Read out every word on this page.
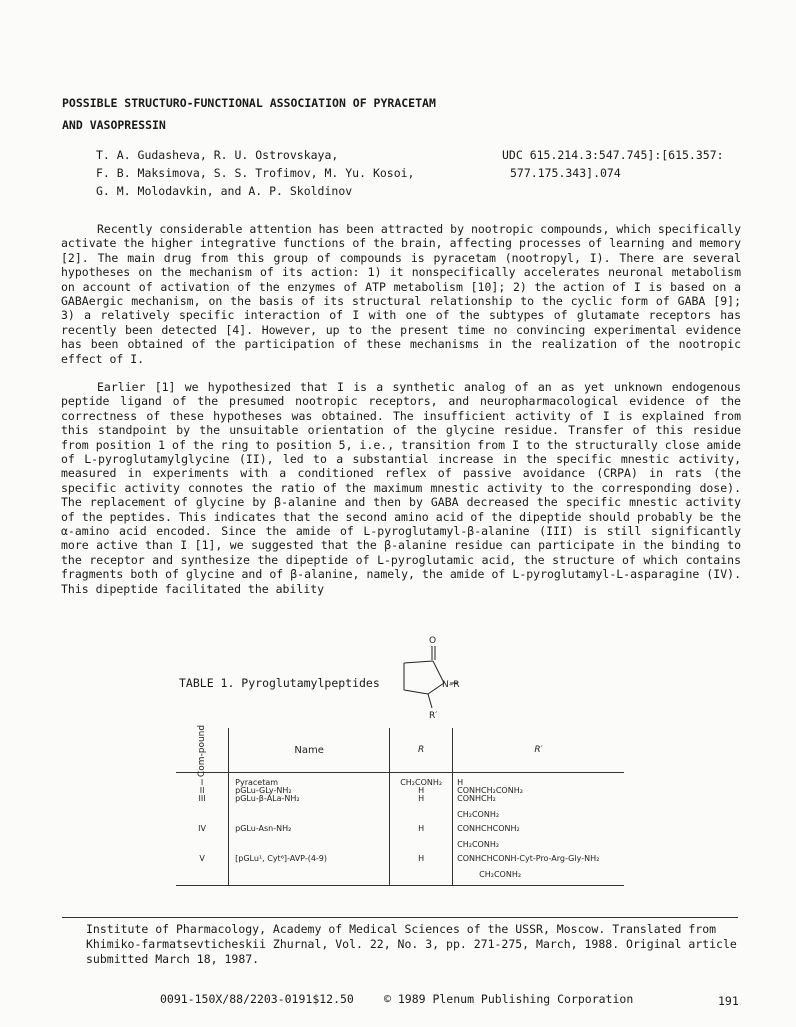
POSSIBLE STRUCTURO-FUNCTIONAL ASSOCIATION OF PYRACETAM
AND VASOPRESSIN
T. A. Gudasheva, R. U. Ostrovskaya,
F. B. Maksimova, S. S. Trofimov, M. Yu. Kosoi,
G. M. Molodavkin, and A. P. Skoldinov
UDC 615.214.3:547.745]:[615.357:
577.175.343].074

Recently considerable attention has been attracted by nootropic compounds, which specifically activate the higher integrative functions of the brain, affecting processes of learning and memory [2]. The main drug from this group of compounds is pyracetam (nootropyl, I). There are several hypotheses on the mechanism of its action: 1) it nonspecifically accelerates neuronal metabolism on account of activation of the enzymes of ATP metabolism [10]; 2) the action of I is based on a GABAergic mechanism, on the basis of its structural relationship to the cyclic form of GABA [9]; 3) a relatively specific interaction of I with one of the subtypes of glutamate receptors has recently been detected [4]. However, up to the present time no convincing experimental evidence has been obtained of the participation of these mechanisms in the realization of the nootropic effect of I.

Earlier [1] we hypothesized that I is a synthetic analog of an as yet unknown endogenous peptide ligand of the presumed nootropic receptors, and neuropharmacological evidence of the correctness of these hypotheses was obtained. The insufficient activity of I is explained from this standpoint by the unsuitable orientation of the glycine residue. Transfer of this residue from position 1 of the ring to position 5, i.e., transition from I to the structurally close amide of L-pyroglutamylglycine (II), led to a substantial increase in the specific mnestic activity, measured in experiments with a conditioned reflex of passive avoidance (CRPA) in rats (the specific activity connotes the ratio of the maximum mnestic activity to the corresponding dose). The replacement of glycine by β-alanine and then by GABA decreased the specific mnestic activity of the peptides. This indicates that the second amino acid of the dipeptide should probably be the α-amino acid encoded. Since the amide of L-pyroglutamyl-β-alanine (III) is still significantly more active than I [1], we suggested that the β-alanine residue can participate in the binding to the receptor and synthesize the dipeptide of L-pyroglutamic acid, the structure of which contains fragments both of glycine and of β-alanine, namely, the amide of L-pyroglutamyl-L-asparagine (IV). This dipeptide facilitated the ability

TABLE 1. Pyroglutamylpeptides
O
N–R
R′
Com-pound	Name	R	R′
I	Pyracetam	CH₂CONH₂	H
II	pGLu-GLy-NH₂	H	CONHCH₂CONH₂
III	pGLu-β-ALa-NH₂	H	CONHCH₂

CH₂CONH₂

IV	pGLu-Asn-NH₂	H	CONHCHCONH₂

CH₂CONH₂

V	[pGLu¹, Cyt⁶]-AVP-(4-9)	H	CONHCHCONH-Cyt-Pro-Arg-Gly-NH₂

CH₂CONH₂

Institute of Pharmacology, Academy of Medical Sciences of the USSR, Moscow. Translated from Khimiko-farmatsevticheskii Zhurnal, Vol. 22, No. 3, pp. 271-275, March, 1988. Original article submitted March 18, 1987.

0091-150X/88/2203-0191$12.50	© 1989 Plenum Publishing Corporation	191
